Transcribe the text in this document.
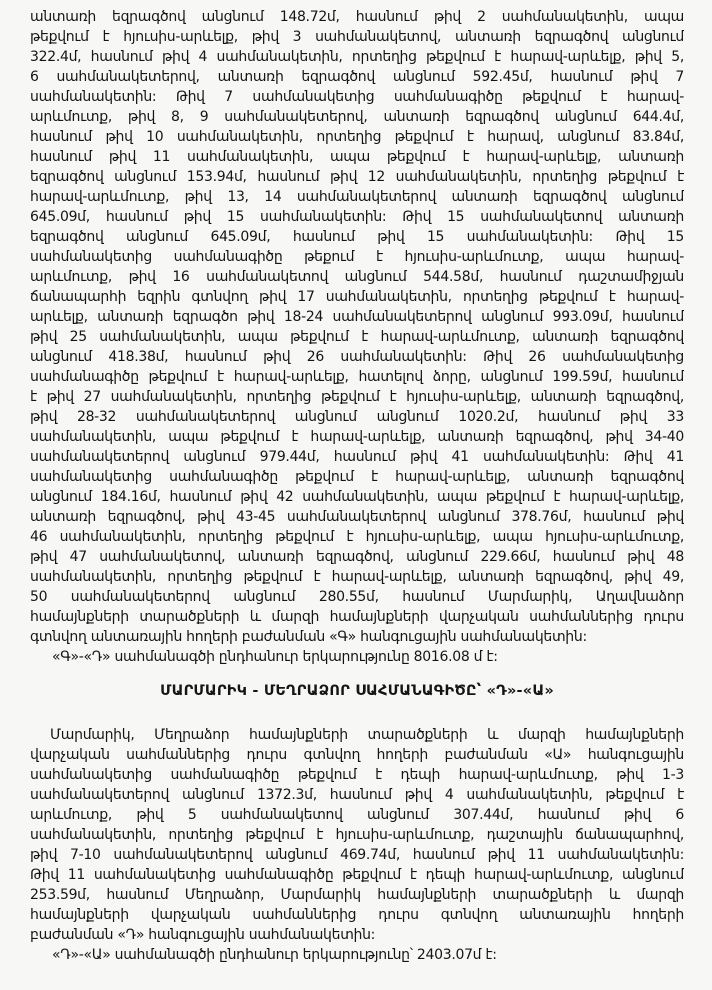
անտառի եզրագծով անցնում 148.72մ, հասնում թիվ 2 սահմանակետին, ապա
թեքվում է հյուսիս-արևելք, թիվ 3 սահմանակետով, անտառի եզրագծով անցնում
322.4մ, հասնում թիվ 4 սահմանակետին, որտեղից թեքվում է հարավ-արևելք, թիվ 5,
6 սահմանակետերով, անտառի եզրագծով անցնում 592.45մ, հասնում թիվ 7
սահմանակետին: Թիվ 7 սահմանակետից սահմանագիծը թեքվում է հարավ-
արևմուտք, թիվ 8, 9 սահմանակետերով, անտառի եզրագծով անցնում 644.4մ,
հասնում թիվ 10 սահմանակետին, որտեղից թեքվում է հարավ, անցնում 83.84մ,
հասնում թիվ 11 սահմանակետին, ապա թեքվում է հարավ-արևելք, անտառի
եզրագծով անցնում 153.94մ, հասնում թիվ 12 սահմանակետին, որտեղից թեքվում է
հարավ-արևմուտք, թիվ 13, 14 սահմանակետերով անտառի եզրագծով անցնում
645.09մ, հասնում թիվ 15 սահմանակետին: Թիվ 15 սահմանակետով անտառի
եզրագծով անցնում 645.09մ, հասնում թիվ 15 սահմանակետին: Թիվ 15
սահմանակետից սահմանագիծը թեքում է հյուսիս-արևմուտք, ապա հարավ-
արևմուտք, թիվ 16 սահմանակետով անցնում 544.58մ, հասնում դաշտամիջյան
ճանապարհի եզրին գտնվող թիվ 17 սահմանակետին, որտեղից թեքվում է հարավ-
արևելք, անտառի եզրագծո թիվ 18-24 սահմանակետերով անցնում 993.09մ, հասնում
թիվ 25 սահմանակետին, ապա թեքվում է հարավ-արևմուտք, անտառի եզրագծով
անցնում 418.38մ, հասնում թիվ 26 սահմանակետին: Թիվ 26 սահմանակետից
սահմանագիծը թեքվում է հարավ-արևելք, հատելով ձորը, անցնում 199.59մ, հասնում
է թիվ 27 սահմանակետին, որտեղից թեքվում է հյուսիս-արևելք, անտառի եզրագծով,
թիվ 28-32 սահմանակետերով անցնում անցնում 1020.2մ, հասնում թիվ 33
սահմանակետին, ապա թեքվում է հարավ-արևելք, անտառի եզրագծով, թիվ 34-40
սահմանակետերով անցնում 979.44մ, հասնում թիվ 41 սահմանակետին: Թիվ 41
սահմանակետից սահմանագիծը թեքվում է հարավ-արևելք, անտառի եզրագծով
անցնում 184.16մ, հասնում թիվ 42 սահմանակետին, ապա թեքվում է հարավ-արևելք,
անտառի եզրագծով, թիվ 43-45 սահմանակետերով անցնում 378.76մ, հասնում թիվ
46 սահմանակետին, որտեղից թեքվում է հյուսիս-արևելք, ապա հյուսիս-արևմուտք,
թիվ 47 սահմանակետով, անտառի եզրագծով, անցնում 229.66մ, հասնում թիվ 48
սահմանակետին, որտեղից թեքվում է հարավ-արևելք, անտառի եզրագծով, թիվ 49,
50 սահմանակետերով անցնում 280.55մ, հասնում Մարմարիկ, Աղավնաձոր
համայնքների տարածքների և մարզի համայնքների վարչական սահմաններից դուրս
գտնվող անտառային հողերի բաժանման «Գ» հանգուցային սահմանակետին:
«Գ»-«Դ» սահմանագծի ընդհանուր երկարությունը 8016.08 մ է:
ՄԱՐՄԱՐԻԿ - ՄԵՂՐԱՁՈՐ ՍԱՀՄԱՆԱԳԻԾԸ՝ «Դ»-«Ա»
Մարմարիկ, Մեղրաձոր համայնքների տարածքների և մարզի համայնքների
վարչական սահմաններից դուրս գտնվող հողերի բաժանման «Ա» հանգուցային
սահմանակետից սահմանագիծը թեքվում է դեպի հարավ-արևմուտք, թիվ 1-3
սահմանակետերով անցնում 1372.3մ, հասնում թիվ 4 սահմանակետին, թեքվում է
արևմուտք, թիվ 5 սահմանակետով անցնում 307.44մ, հասնում թիվ 6
սահմանակետին, որտեղից թեքվում է հյուսիս-արևմուտք, դաշտային ճանապարհով,
թիվ 7-10 սահմանակետերով անցնում 469.74մ, հասնում թիվ 11 սահմանակետին:
Թիվ 11 սահմանակետից սահմանագիծը թեքվում է դեպի հարավ-արևմուտք, անցնում
253.59մ, հասնում Մեղրաձոր, Մարմարիկ համայնքների տարածքների և մարզի
համայնքների վարչական սահմաններից դուրս գտնվող անտառային հողերի
բաժանման «Դ» հանգուցային սահմանակետին:
«Դ»-«Ա» սահմանագծի ընդհանուր երկարությունը՝ 2403.07մ է:
